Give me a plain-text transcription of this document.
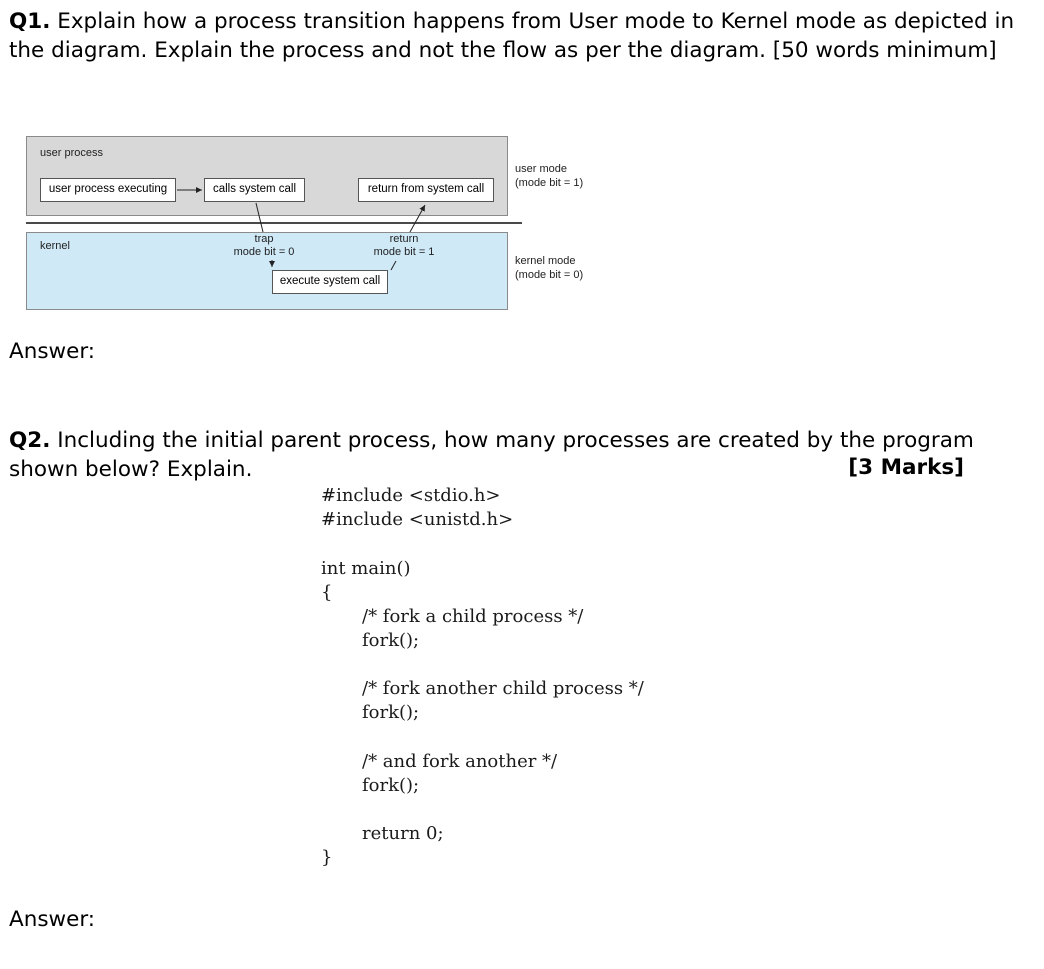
Q1. Explain how a process transition happens from User mode to Kernel mode as depicted in the diagram. Explain the process and not the flow as per the diagram. [50 words minimum]
user process
user process executing	calls system call	return from system call
user mode
(mode bit = 1)
kernel
trap
mode bit = 0
return
mode bit = 1
execute system call
kernel mode
(mode bit = 0)
Answer:
Q2. Including the initial parent process, how many processes are created by the program shown below? Explain.	[3 Marks]
#include <stdio.h>
#include <unistd.h>
int main()
{
/* fork a child process */
fork();
/* fork another child process */
fork();
/* and fork another */
fork();
return 0;
}
Answer:
